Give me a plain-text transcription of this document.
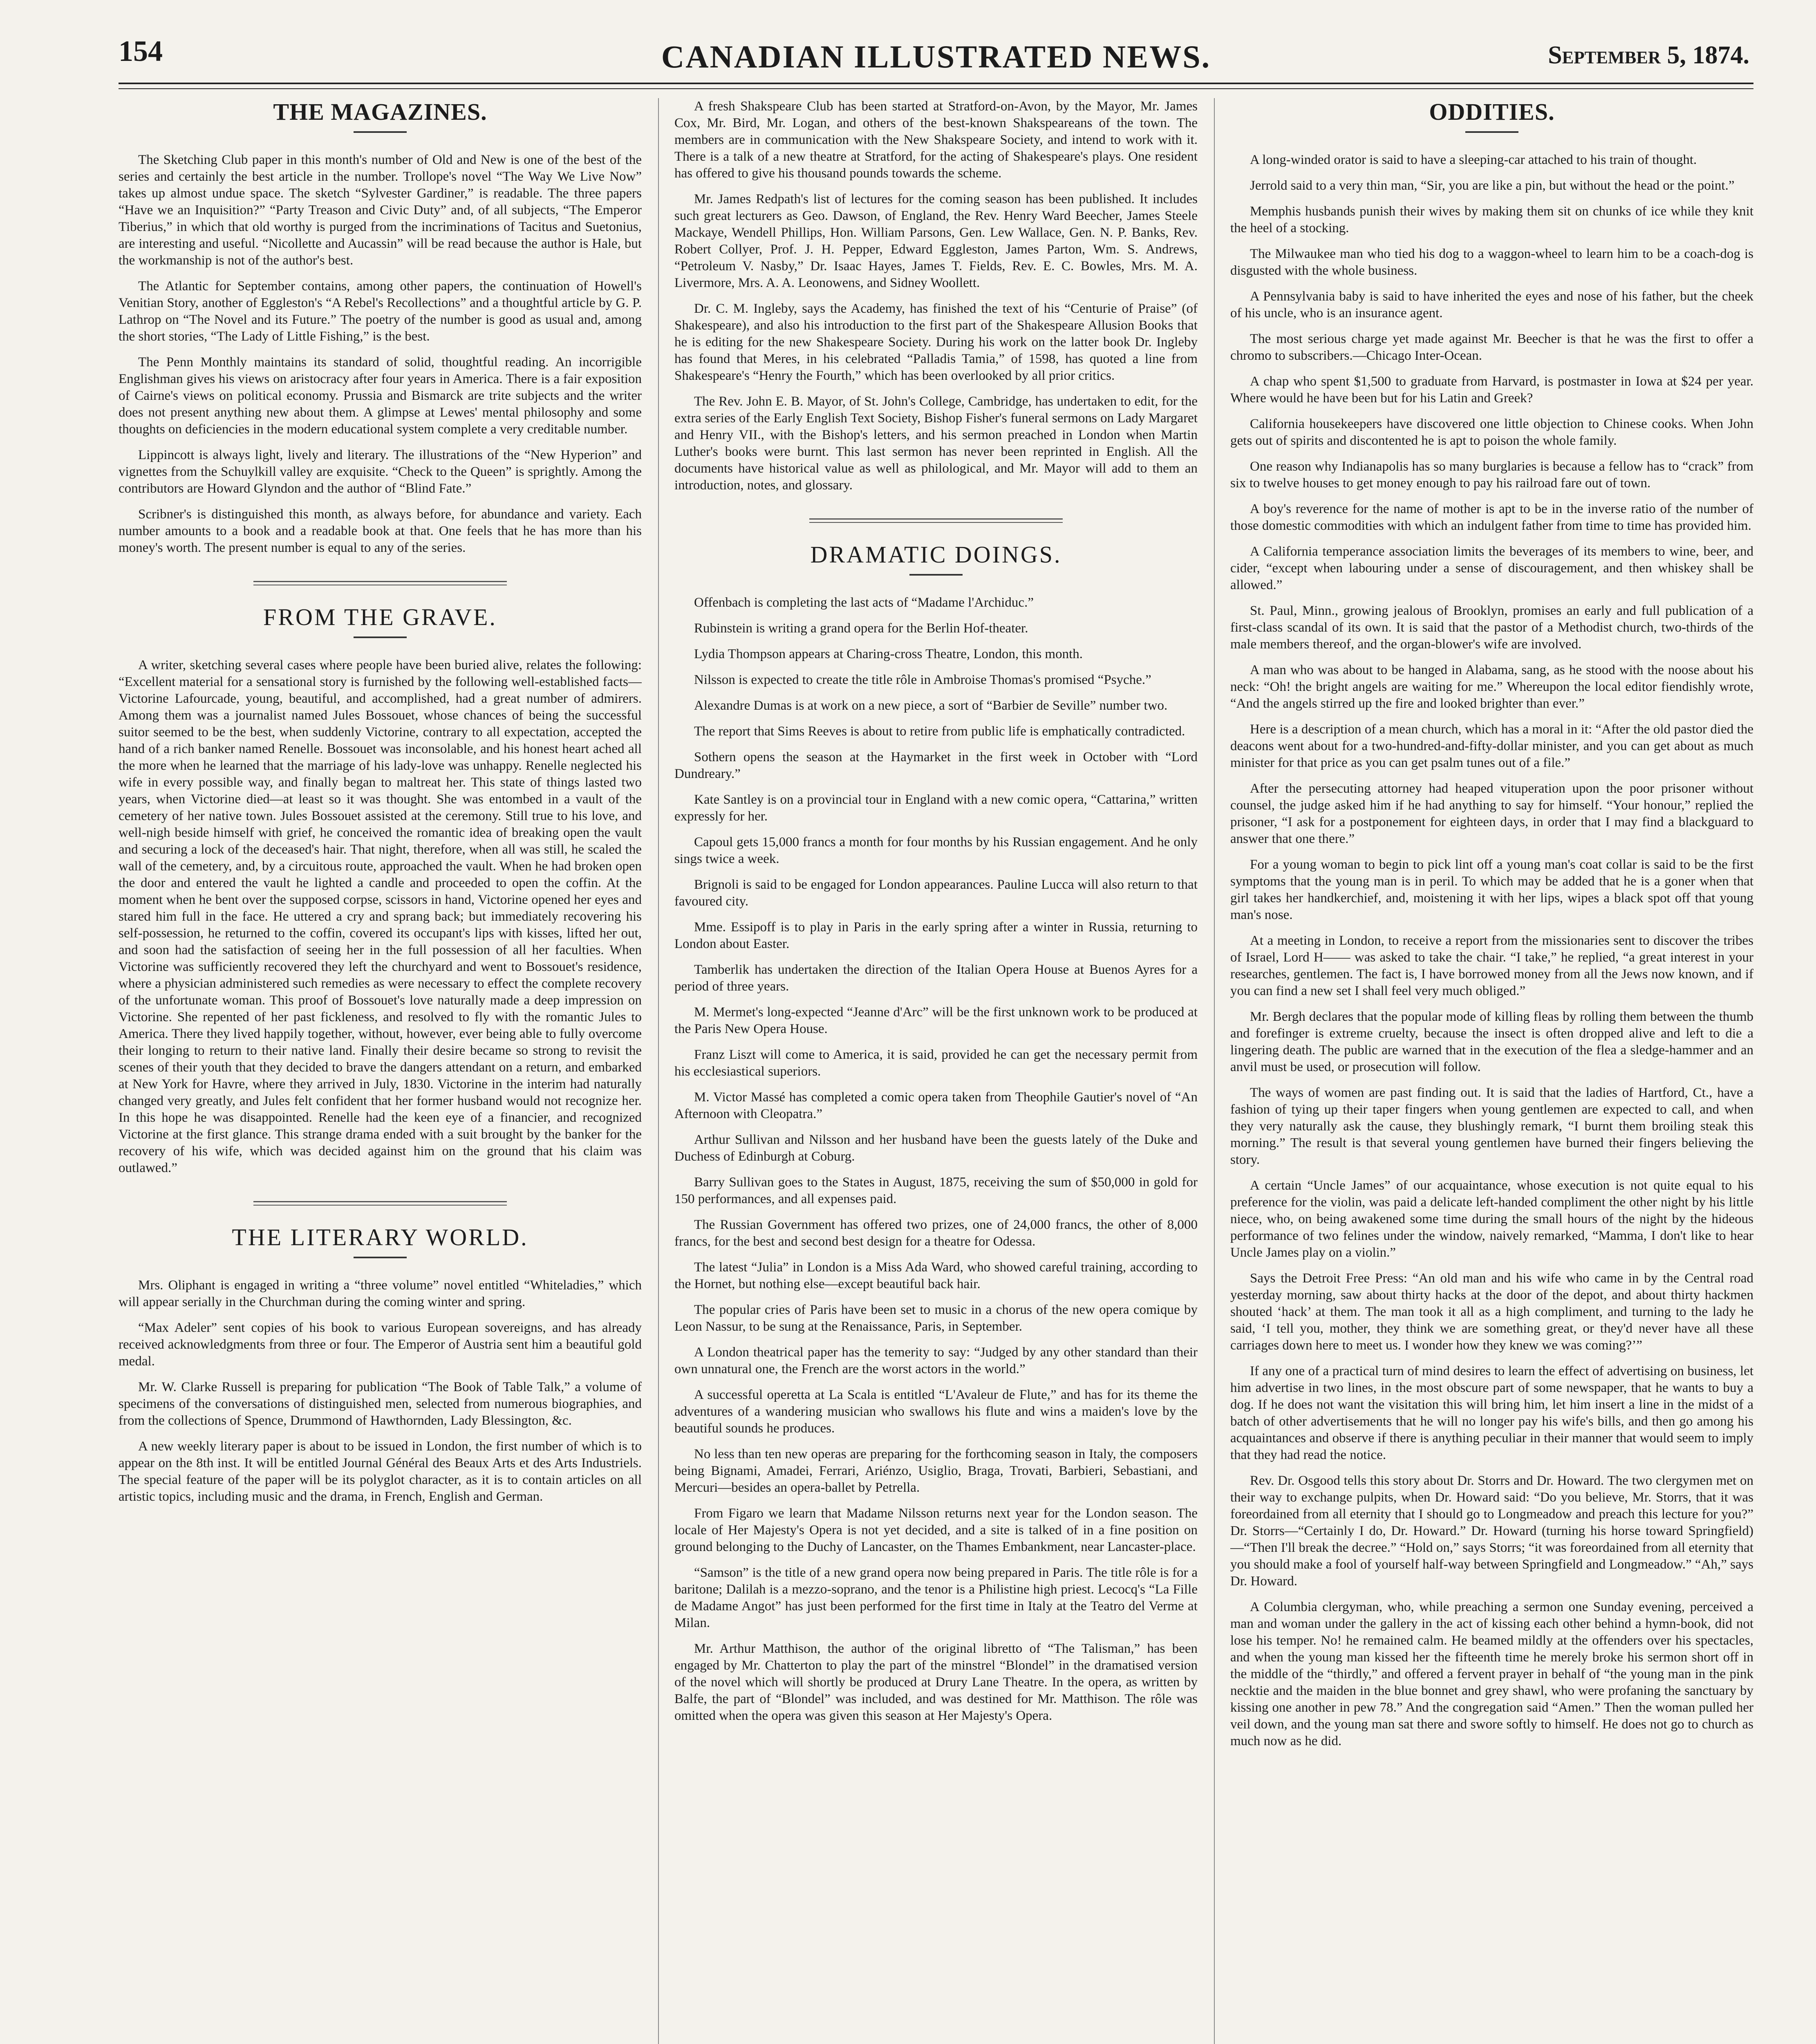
154	CANADIAN ILLUSTRATED NEWS.	September 5, 1874.
THE MAGAZINES.

The Sketching Club paper in this month's number of Old and New is one of the best of the series and certainly the best article in the number. Trollope's novel “The Way We Live Now” takes up almost undue space. The sketch “Sylvester Gardiner,” is readable. The three papers “Have we an Inquisition?” “Party Treason and Civic Duty” and, of all subjects, “The Emperor Tiberius,” in which that old worthy is purged from the incriminations of Tacitus and Suetonius, are interesting and useful. “Nicollette and Aucassin” will be read because the author is Hale, but the workmanship is not of the author's best.

The Atlantic for September contains, among other papers, the continuation of Howell's Venitian Story, another of Eggleston's “A Rebel's Recollections” and a thoughtful article by G. P. Lathrop on “The Novel and its Future.” The poetry of the number is good as usual and, among the short stories, “The Lady of Little Fishing,” is the best.

The Penn Monthly maintains its standard of solid, thoughtful reading. An incorrigible Englishman gives his views on aristocracy after four years in America. There is a fair exposition of Cairne's views on political economy. Prussia and Bismarck are trite subjects and the writer does not present anything new about them. A glimpse at Lewes' mental philosophy and some thoughts on deficiencies in the modern educational system complete a very creditable number.

Lippincott is always light, lively and literary. The illustrations of the “New Hyperion” and vignettes from the Schuylkill valley are exquisite. “Check to the Queen” is sprightly. Among the contributors are Howard Glyndon and the author of “Blind Fate.”

Scribner's is distinguished this month, as always before, for abundance and variety. Each number amounts to a book and a readable book at that. One feels that he has more than his money's worth. The present number is equal to any of the series.

FROM THE GRAVE.

A writer, sketching several cases where people have been buried alive, relates the following: “Excellent material for a sensational story is furnished by the following well-established facts—Victorine Lafourcade, young, beautiful, and accomplished, had a great number of admirers. Among them was a journalist named Jules Bossouet, whose chances of being the successful suitor seemed to be the best, when suddenly Victorine, contrary to all expectation, accepted the hand of a rich banker named Renelle. Bossouet was inconsolable, and his honest heart ached all the more when he learned that the marriage of his lady-love was unhappy. Renelle neglected his wife in every possible way, and finally began to maltreat her. This state of things lasted two years, when Victorine died—at least so it was thought. She was entombed in a vault of the cemetery of her native town. Jules Bossouet assisted at the ceremony. Still true to his love, and well-nigh beside himself with grief, he conceived the romantic idea of breaking open the vault and securing a lock of the deceased's hair. That night, therefore, when all was still, he scaled the wall of the cemetery, and, by a circuitous route, approached the vault. When he had broken open the door and entered the vault he lighted a candle and proceeded to open the coffin. At the moment when he bent over the supposed corpse, scissors in hand, Victorine opened her eyes and stared him full in the face. He uttered a cry and sprang back; but immediately recovering his self-possession, he returned to the coffin, covered its occupant's lips with kisses, lifted her out, and soon had the satisfaction of seeing her in the full possession of all her faculties. When Victorine was sufficiently recovered they left the churchyard and went to Bossouet's residence, where a physician administered such remedies as were necessary to effect the complete recovery of the unfortunate woman. This proof of Bossouet's love naturally made a deep impression on Victorine. She repented of her past fickleness, and resolved to fly with the romantic Jules to America. There they lived happily together, without, however, ever being able to fully overcome their longing to return to their native land. Finally their desire became so strong to revisit the scenes of their youth that they decided to brave the dangers attendant on a return, and embarked at New York for Havre, where they arrived in July, 1830. Victorine in the interim had naturally changed very greatly, and Jules felt confident that her former husband would not recognize her. In this hope he was disappointed. Renelle had the keen eye of a financier, and recognized Victorine at the first glance. This strange drama ended with a suit brought by the banker for the recovery of his wife, which was decided against him on the ground that his claim was outlawed.”

THE LITERARY WORLD.

Mrs. Oliphant is engaged in writing a “three volume” novel entitled “Whiteladies,” which will appear serially in the Churchman during the coming winter and spring.

“Max Adeler” sent copies of his book to various European sovereigns, and has already received acknowledgments from three or four. The Emperor of Austria sent him a beautiful gold medal.

Mr. W. Clarke Russell is preparing for publication “The Book of Table Talk,” a volume of specimens of the conversations of distinguished men, selected from numerous biographies, and from the collections of Spence, Drummond of Hawthornden, Lady Blessington, &c.

A new weekly literary paper is about to be issued in London, the first number of which is to appear on the 8th inst. It will be entitled Journal Général des Beaux Arts et des Arts Industriels. The special feature of the paper will be its polyglot character, as it is to contain articles on all artistic topics, including music and the drama, in French, English and German.

A fresh Shakspeare Club has been started at Stratford-on-Avon, by the Mayor, Mr. James Cox, Mr. Bird, Mr. Logan, and others of the best-known Shakspeareans of the town. The members are in communication with the New Shakspeare Society, and intend to work with it. There is a talk of a new theatre at Stratford, for the acting of Shakespeare's plays. One resident has offered to give his thousand pounds towards the scheme.

Mr. James Redpath's list of lectures for the coming season has been published. It includes such great lecturers as Geo. Dawson, of England, the Rev. Henry Ward Beecher, James Steele Mackaye, Wendell Phillips, Hon. William Parsons, Gen. Lew Wallace, Gen. N. P. Banks, Rev. Robert Collyer, Prof. J. H. Pepper, Edward Eggleston, James Parton, Wm. S. Andrews, “Petroleum V. Nasby,” Dr. Isaac Hayes, James T. Fields, Rev. E. C. Bowles, Mrs. M. A. Livermore, Mrs. A. A. Leonowens, and Sidney Woollett.

Dr. C. M. Ingleby, says the Academy, has finished the text of his “Centurie of Praise” (of Shakespeare), and also his introduction to the first part of the Shakespeare Allusion Books that he is editing for the new Shakespeare Society. During his work on the latter book Dr. Ingleby has found that Meres, in his celebrated “Palladis Tamia,” of 1598, has quoted a line from Shakespeare's “Henry the Fourth,” which has been overlooked by all prior critics.

The Rev. John E. B. Mayor, of St. John's College, Cambridge, has undertaken to edit, for the extra series of the Early English Text Society, Bishop Fisher's funeral sermons on Lady Margaret and Henry VII., with the Bishop's letters, and his sermon preached in London when Martin Luther's books were burnt. This last sermon has never been reprinted in English. All the documents have historical value as well as philological, and Mr. Mayor will add to them an introduction, notes, and glossary.

DRAMATIC DOINGS.

Offenbach is completing the last acts of “Madame l'Archiduc.”

Rubinstein is writing a grand opera for the Berlin Hof-theater.

Lydia Thompson appears at Charing-cross Theatre, London, this month.

Nilsson is expected to create the title rôle in Ambroise Thomas's promised “Psyche.”

Alexandre Dumas is at work on a new piece, a sort of “Barbier de Seville” number two.

The report that Sims Reeves is about to retire from public life is emphatically contradicted.

Sothern opens the season at the Haymarket in the first week in October with “Lord Dundreary.”

Kate Santley is on a provincial tour in England with a new comic opera, “Cattarina,” written expressly for her.

Capoul gets 15,000 francs a month for four months by his Russian engagement. And he only sings twice a week.

Brignoli is said to be engaged for London appearances. Pauline Lucca will also return to that favoured city.

Mme. Essipoff is to play in Paris in the early spring after a winter in Russia, returning to London about Easter.

Tamberlik has undertaken the direction of the Italian Opera House at Buenos Ayres for a period of three years.

M. Mermet's long-expected “Jeanne d'Arc” will be the first unknown work to be produced at the Paris New Opera House.

Franz Liszt will come to America, it is said, provided he can get the necessary permit from his ecclesiastical superiors.

M. Victor Massé has completed a comic opera taken from Theophile Gautier's novel of “An Afternoon with Cleopatra.”

Arthur Sullivan and Nilsson and her husband have been the guests lately of the Duke and Duchess of Edinburgh at Coburg.

Barry Sullivan goes to the States in August, 1875, receiving the sum of $50,000 in gold for 150 performances, and all expenses paid.

The Russian Government has offered two prizes, one of 24,000 francs, the other of 8,000 francs, for the best and second best design for a theatre for Odessa.

The latest “Julia” in London is a Miss Ada Ward, who showed careful training, according to the Hornet, but nothing else—except beautiful back hair.

The popular cries of Paris have been set to music in a chorus of the new opera comique by Leon Nassur, to be sung at the Renaissance, Paris, in September.

A London theatrical paper has the temerity to say: “Judged by any other standard than their own unnatural one, the French are the worst actors in the world.”

A successful operetta at La Scala is entitled “L'Avaleur de Flute,” and has for its theme the adventures of a wandering musician who swallows his flute and wins a maiden's love by the beautiful sounds he produces.

No less than ten new operas are preparing for the forthcoming season in Italy, the composers being Bignami, Amadei, Ferrari, Ariénzo, Usiglio, Braga, Trovati, Barbieri, Sebastiani, and Mercuri—besides an opera-ballet by Petrella.

From Figaro we learn that Madame Nilsson returns next year for the London season. The locale of Her Majesty's Opera is not yet decided, and a site is talked of in a fine position on ground belonging to the Duchy of Lancaster, on the Thames Embankment, near Lancaster-place.

“Samson” is the title of a new grand opera now being prepared in Paris. The title rôle is for a baritone; Dalilah is a mezzo-soprano, and the tenor is a Philistine high priest. Lecocq's “La Fille de Madame Angot” has just been performed for the first time in Italy at the Teatro del Verme at Milan.

Mr. Arthur Matthison, the author of the original libretto of “The Talisman,” has been engaged by Mr. Chatterton to play the part of the minstrel “Blondel” in the dramatised version of the novel which will shortly be produced at Drury Lane Theatre. In the opera, as written by Balfe, the part of “Blondel” was included, and was destined for Mr. Matthison. The rôle was omitted when the opera was given this season at Her Majesty's Opera.

ODDITIES.

A long-winded orator is said to have a sleeping-car attached to his train of thought.

Jerrold said to a very thin man, “Sir, you are like a pin, but without the head or the point.”

Memphis husbands punish their wives by making them sit on chunks of ice while they knit the heel of a stocking.

The Milwaukee man who tied his dog to a waggon-wheel to learn him to be a coach-dog is disgusted with the whole business.

A Pennsylvania baby is said to have inherited the eyes and nose of his father, but the cheek of his uncle, who is an insurance agent.

The most serious charge yet made against Mr. Beecher is that he was the first to offer a chromo to subscribers.—Chicago Inter-Ocean.

A chap who spent $1,500 to graduate from Harvard, is postmaster in Iowa at $24 per year. Where would he have been but for his Latin and Greek?

California housekeepers have discovered one little objection to Chinese cooks. When John gets out of spirits and discontented he is apt to poison the whole family.

One reason why Indianapolis has so many burglaries is because a fellow has to “crack” from six to twelve houses to get money enough to pay his railroad fare out of town.

A boy's reverence for the name of mother is apt to be in the inverse ratio of the number of those domestic commodities with which an indulgent father from time to time has provided him.

A California temperance association limits the beverages of its members to wine, beer, and cider, “except when labouring under a sense of discouragement, and then whiskey shall be allowed.”

St. Paul, Minn., growing jealous of Brooklyn, promises an early and full publication of a first-class scandal of its own. It is said that the pastor of a Methodist church, two-thirds of the male members thereof, and the organ-blower's wife are involved.

A man who was about to be hanged in Alabama, sang, as he stood with the noose about his neck: “Oh! the bright angels are waiting for me.” Whereupon the local editor fiendishly wrote, “And the angels stirred up the fire and looked brighter than ever.”

Here is a description of a mean church, which has a moral in it: “After the old pastor died the deacons went about for a two-hundred-and-fifty-dollar minister, and you can get about as much minister for that price as you can get psalm tunes out of a file.”

After the persecuting attorney had heaped vituperation upon the poor prisoner without counsel, the judge asked him if he had anything to say for himself. “Your honour,” replied the prisoner, “I ask for a postponement for eighteen days, in order that I may find a blackguard to answer that one there.”

For a young woman to begin to pick lint off a young man's coat collar is said to be the first symptoms that the young man is in peril. To which may be added that he is a goner when that girl takes her handkerchief, and, moistening it with her lips, wipes a black spot off that young man's nose.

At a meeting in London, to receive a report from the missionaries sent to discover the tribes of Israel, Lord H—— was asked to take the chair. “I take,” he replied, “a great interest in your researches, gentlemen. The fact is, I have borrowed money from all the Jews now known, and if you can find a new set I shall feel very much obliged.”

Mr. Bergh declares that the popular mode of killing fleas by rolling them between the thumb and forefinger is extreme cruelty, because the insect is often dropped alive and left to die a lingering death. The public are warned that in the execution of the flea a sledge-hammer and an anvil must be used, or prosecution will follow.

The ways of women are past finding out. It is said that the ladies of Hartford, Ct., have a fashion of tying up their taper fingers when young gentlemen are expected to call, and when they very naturally ask the cause, they blushingly remark, “I burnt them broiling steak this morning.” The result is that several young gentlemen have burned their fingers believing the story.

A certain “Uncle James” of our acquaintance, whose execution is not quite equal to his preference for the violin, was paid a delicate left-handed compliment the other night by his little niece, who, on being awakened some time during the small hours of the night by the hideous performance of two felines under the window, naively remarked, “Mamma, I don't like to hear Uncle James play on a violin.”

Says the Detroit Free Press: “An old man and his wife who came in by the Central road yesterday morning, saw about thirty hacks at the door of the depot, and about thirty hackmen shouted ‘hack’ at them. The man took it all as a high compliment, and turning to the lady he said, ‘I tell you, mother, they think we are something great, or they'd never have all these carriages down here to meet us. I wonder how they knew we was coming?’”

If any one of a practical turn of mind desires to learn the effect of advertising on business, let him advertise in two lines, in the most obscure part of some newspaper, that he wants to buy a dog. If he does not want the visitation this will bring him, let him insert a line in the midst of a batch of other advertisements that he will no longer pay his wife's bills, and then go among his acquaintances and observe if there is anything peculiar in their manner that would seem to imply that they had read the notice.

Rev. Dr. Osgood tells this story about Dr. Storrs and Dr. Howard. The two clergymen met on their way to exchange pulpits, when Dr. Howard said: “Do you believe, Mr. Storrs, that it was foreordained from all eternity that I should go to Longmeadow and preach this lecture for you?” Dr. Storrs—“Certainly I do, Dr. Howard.” Dr. Howard (turning his horse toward Springfield)—“Then I'll break the decree.” “Hold on,” says Storrs; “it was foreordained from all eternity that you should make a fool of yourself half-way between Springfield and Longmeadow.” “Ah,” says Dr. Howard.

A Columbia clergyman, who, while preaching a sermon one Sunday evening, perceived a man and woman under the gallery in the act of kissing each other behind a hymn-book, did not lose his temper. No! he remained calm. He beamed mildly at the offenders over his spectacles, and when the young man kissed her the fifteenth time he merely broke his sermon short off in the middle of the “thirdly,” and offered a fervent prayer in behalf of “the young man in the pink necktie and the maiden in the blue bonnet and grey shawl, who were profaning the sanctuary by kissing one another in pew 78.” And the congregation said “Amen.” Then the woman pulled her veil down, and the young man sat there and swore softly to himself. He does not go to church as much now as he did.
